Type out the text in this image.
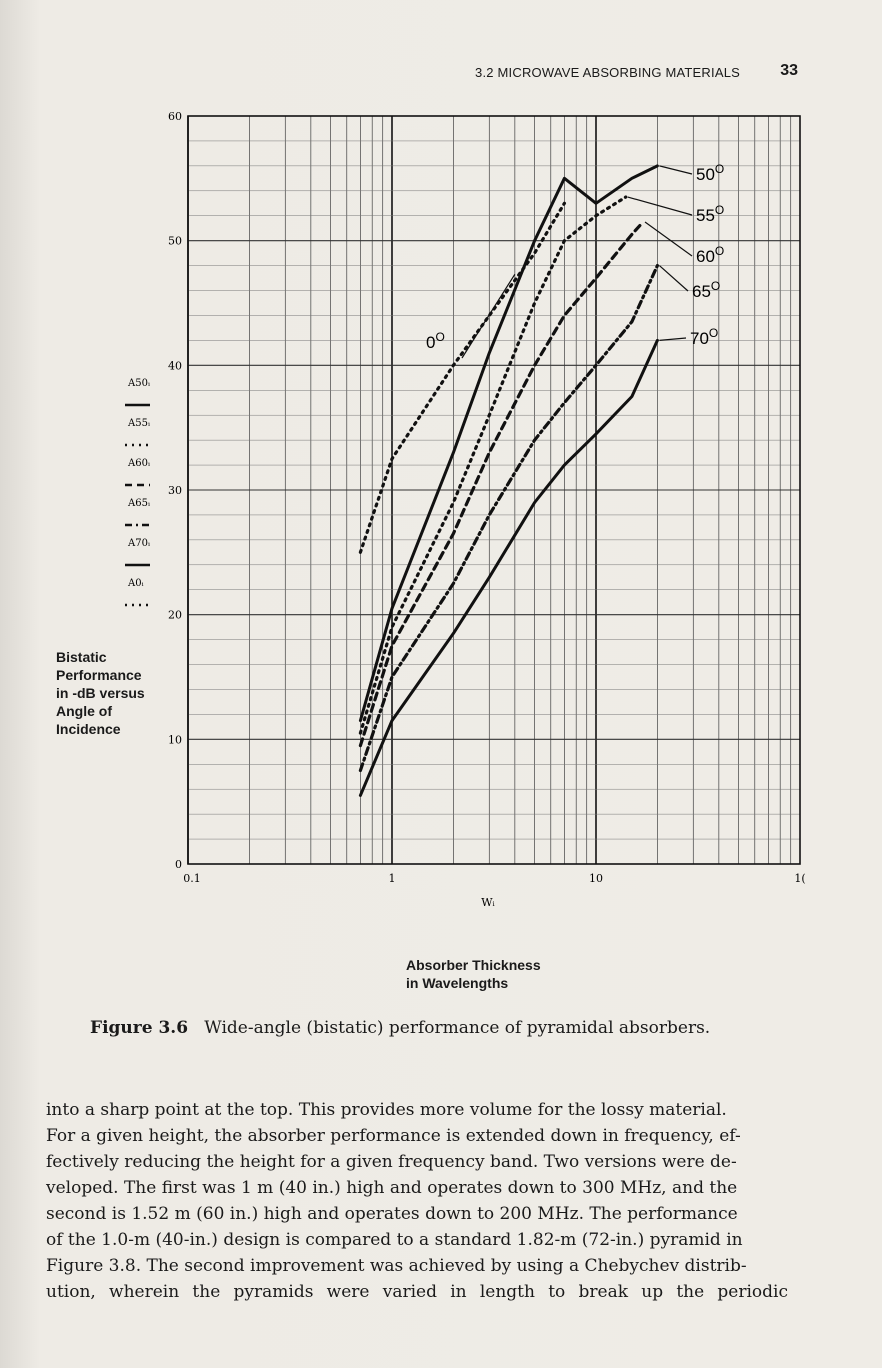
3.2 MICROWAVE ABSORBING MATERIALS	33
0
10
20
30
40
50
60
0.1	1	10	1(
$50^O$
$55^O$
$60^O$
$65^O$
$70^O$
$0^O$
A50ᵢ
A55ᵢ
A60ᵢ
A65ᵢ
A70ᵢ
A0ᵢ
Wᵢ
Bistatic
Performance
in -dB versus
Angle of
Incidence
Absorber Thickness
in Wavelengths
Figure 3.6 Wide-angle (bistatic) performance of pyramidal absorbers.
into a sharp point at the top. This provides more volume for the lossy material.
For a given height, the absorber performance is extended down in frequency, ef-
fectively reducing the height for a given frequency band. Two versions were de-
veloped. The first was 1 m (40 in.) high and operates down to 300 MHz, and the
second is 1.52 m (60 in.) high and operates down to 200 MHz. The performance
of the 1.0-m (40-in.) design is compared to a standard 1.82-m (72-in.) pyramid in
Figure 3.8. The second improvement was achieved by using a Chebychev distrib-
ution, wherein the pyramids were varied in length to break up the periodic
